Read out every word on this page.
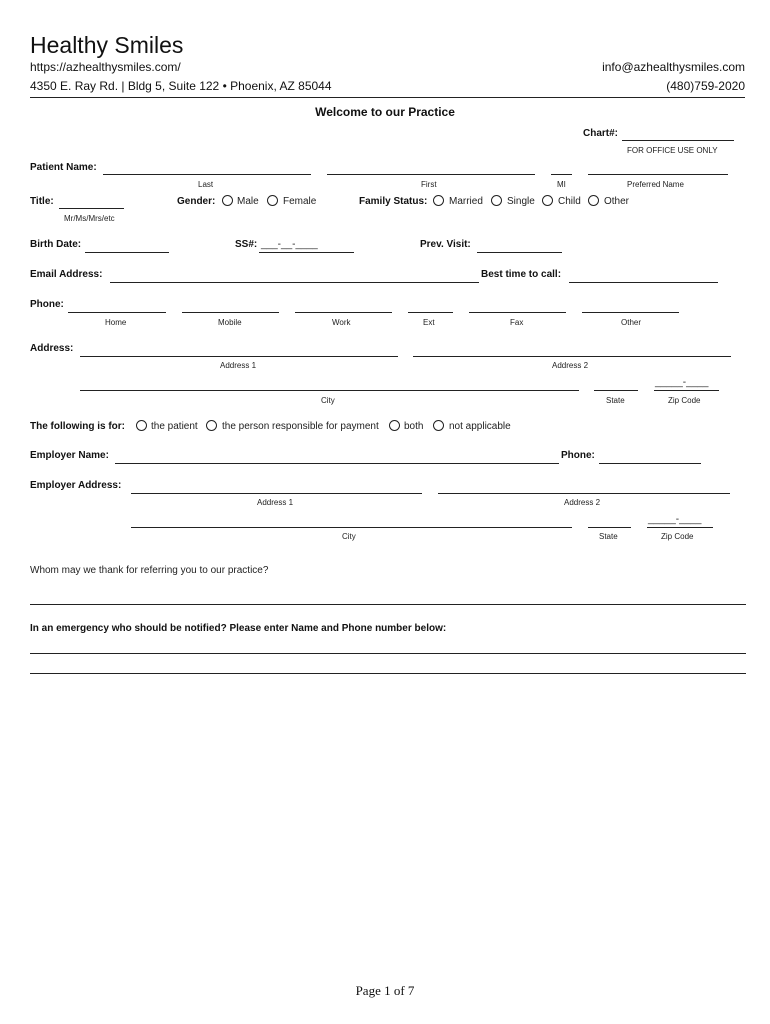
Healthy Smiles
https://azhealthysmiles.com/	info@azhealthysmiles.com
4350 E. Ray Rd. | Bldg 5, Suite 122 • Phoenix, AZ 85044	(480)759-2020
Welcome to our Practice
Chart#:
FOR OFFICE USE ONLY
Patient Name:
Last	First	MI	Preferred Name
Title:
Mr/Ms/Mrs/etc
Gender: Male Female	Family Status: Married Single Child Other
Birth Date:	SS#: ___-__-____	Prev. Visit:
Email Address:	Best time to call:
Phone:
Home	Mobile	Work	Ext	Fax	Other
Address:
Address 1	Address 2
_____-____
City	State	Zip Code
The following is for:	the patient the person responsible for payment	both	not applicable
Employer Name:	Phone:
Employer Address:
Address 1	Address 2
_____-____
City	State	Zip Code
Whom may we thank for referring you to our practice?
In an emergency who should be notified? Please enter Name and Phone number below:
Page 1 of 7
